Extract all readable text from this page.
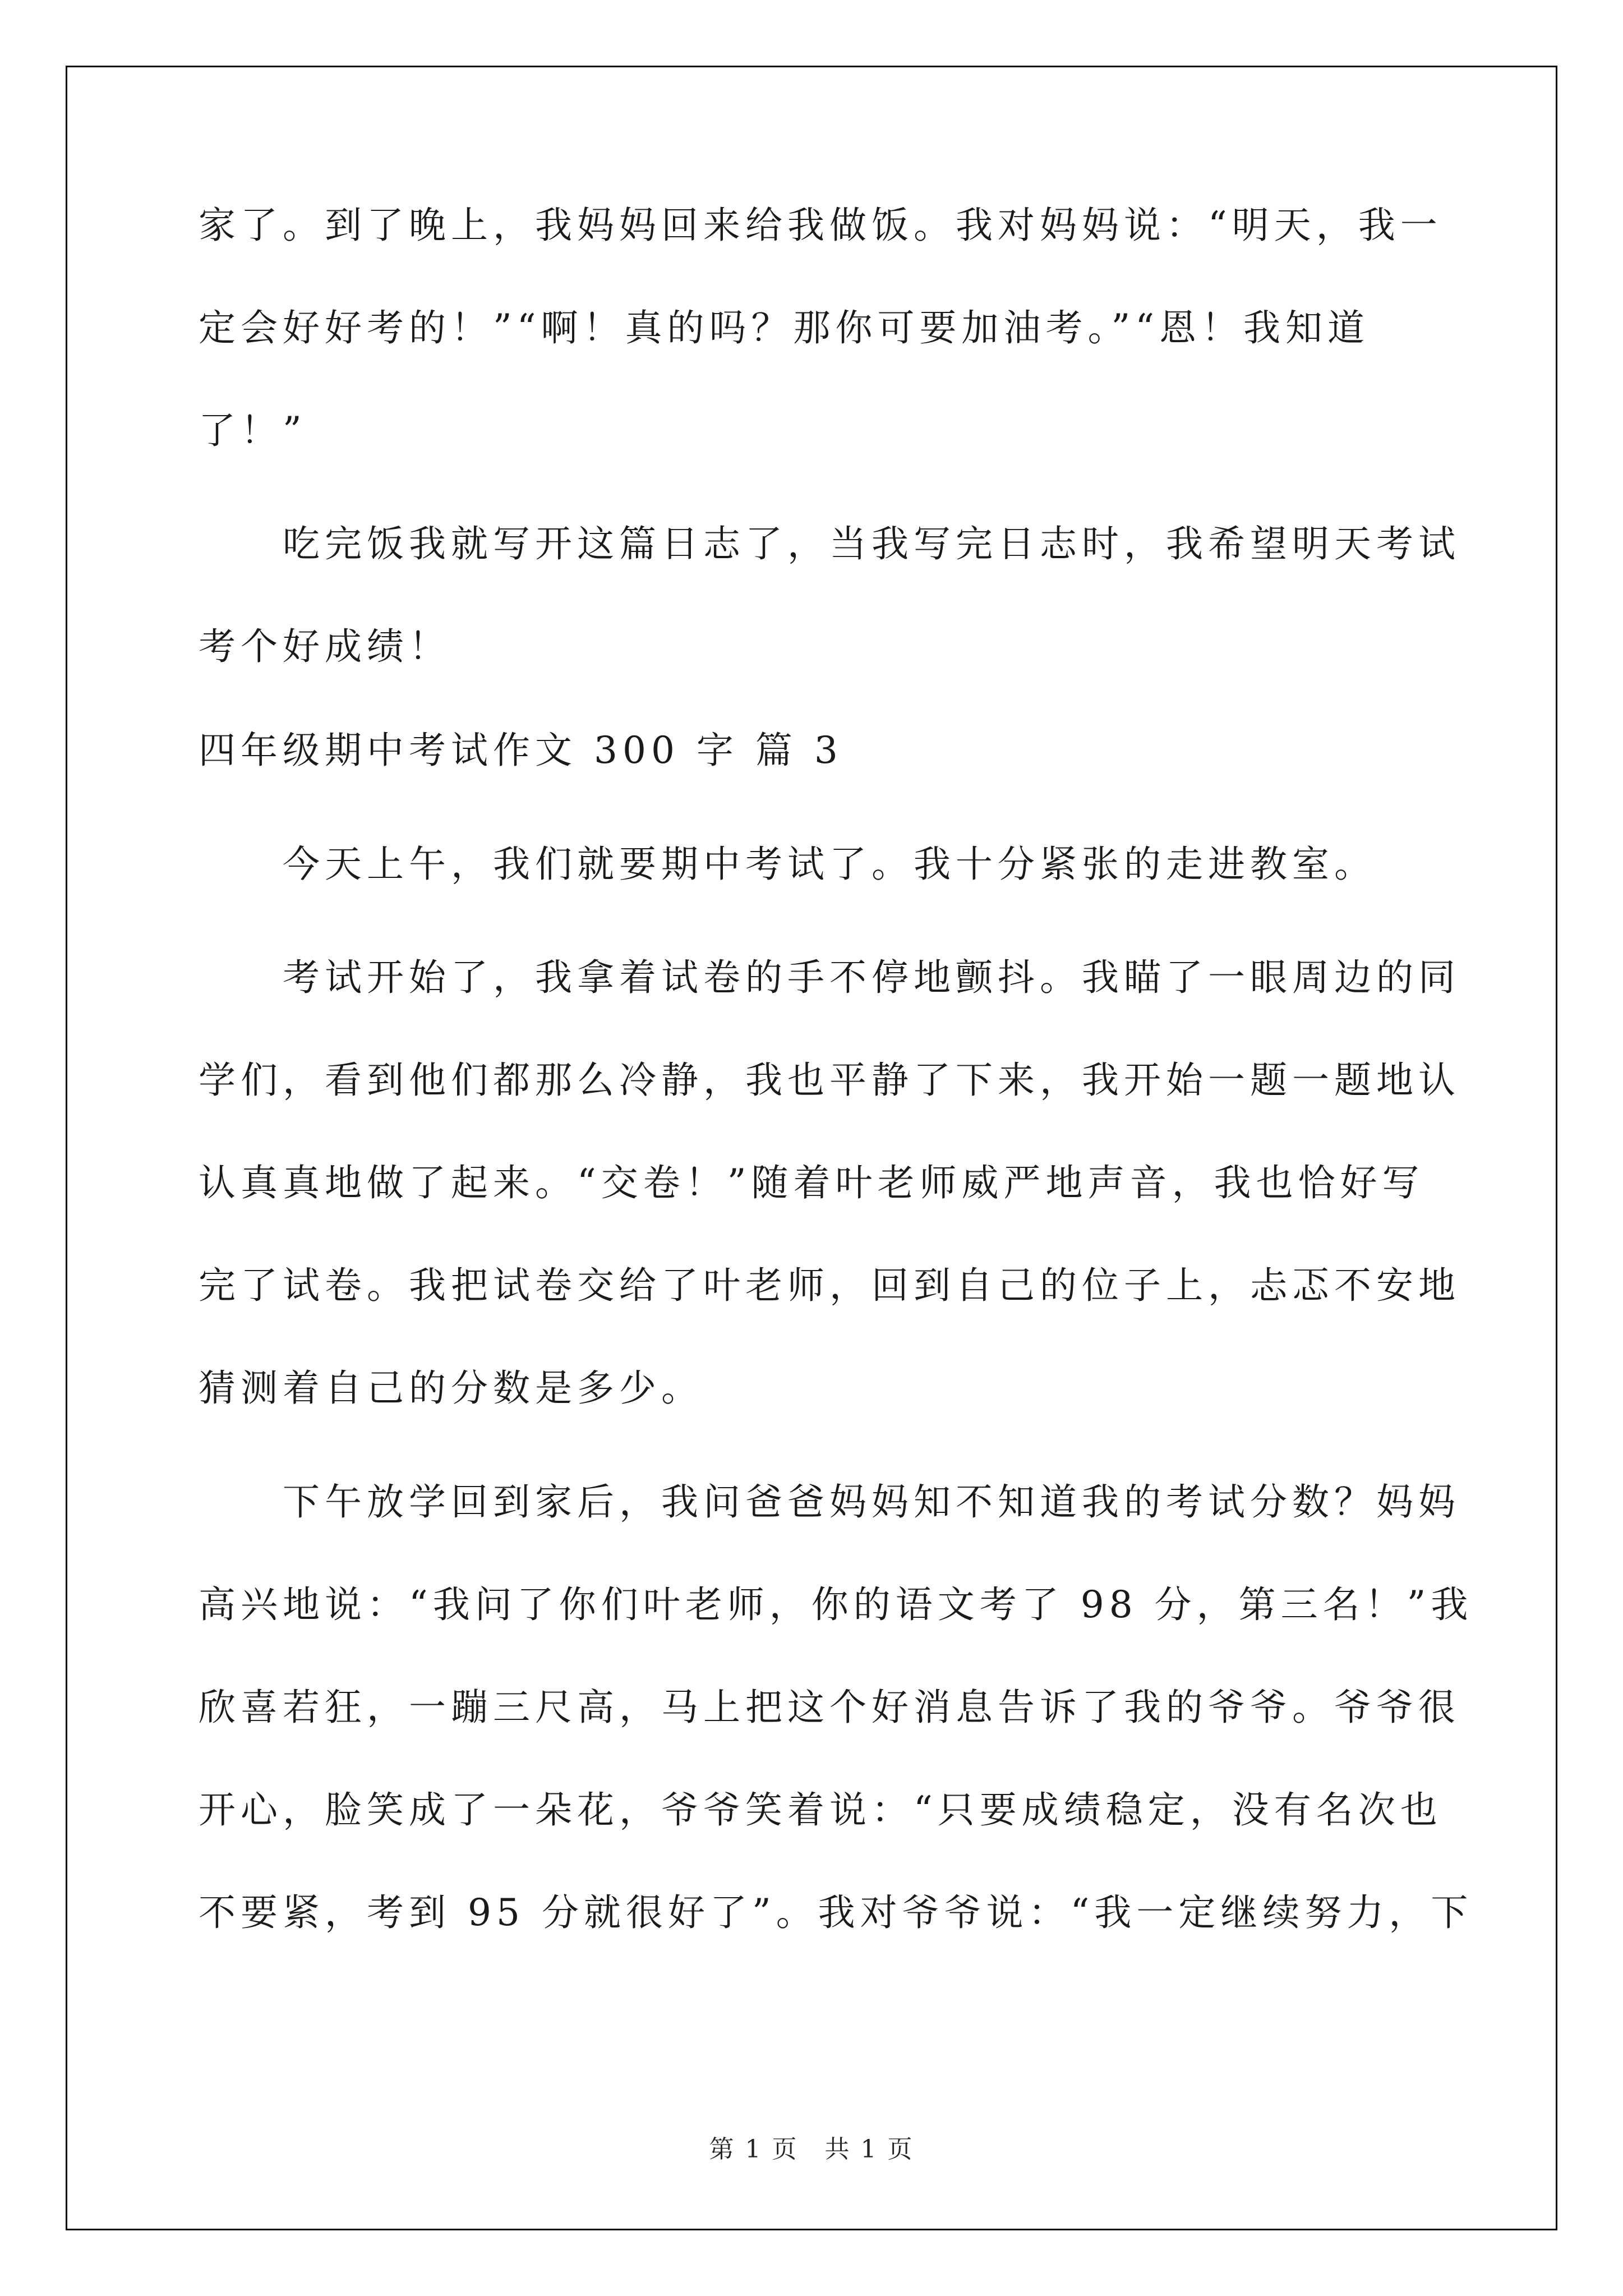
家了。到了晚上，我妈妈回来给我做饭。我对妈妈说：“明天，我一
定会好好考的！”“啊！真的吗？那你可要加油考。”“恩！我知道
了！”
　　吃完饭我就写开这篇日志了，当我写完日志时，我希望明天考试
考个好成绩！
四年级期中考试作文 300 字 篇 3
　　今天上午，我们就要期中考试了。我十分紧张的走进教室。
　　考试开始了，我拿着试卷的手不停地颤抖。我瞄了一眼周边的同
学们，看到他们都那么冷静，我也平静了下来，我开始一题一题地认
认真真地做了起来。“交卷！”随着叶老师威严地声音，我也恰好写
完了试卷。我把试卷交给了叶老师，回到自己的位子上，忐忑不安地
猜测着自己的分数是多少。
　　下午放学回到家后，我问爸爸妈妈知不知道我的考试分数？妈妈
高兴地说：“我问了你们叶老师，你的语文考了 98 分，第三名！”我
欣喜若狂，一蹦三尺高，马上把这个好消息告诉了我的爷爷。爷爷很
开心，脸笑成了一朵花，爷爷笑着说：“只要成绩稳定，没有名次也
不要紧，考到 95 分就很好了”。我对爷爷说：“我一定继续努力，下
第 1 页　共 1 页
